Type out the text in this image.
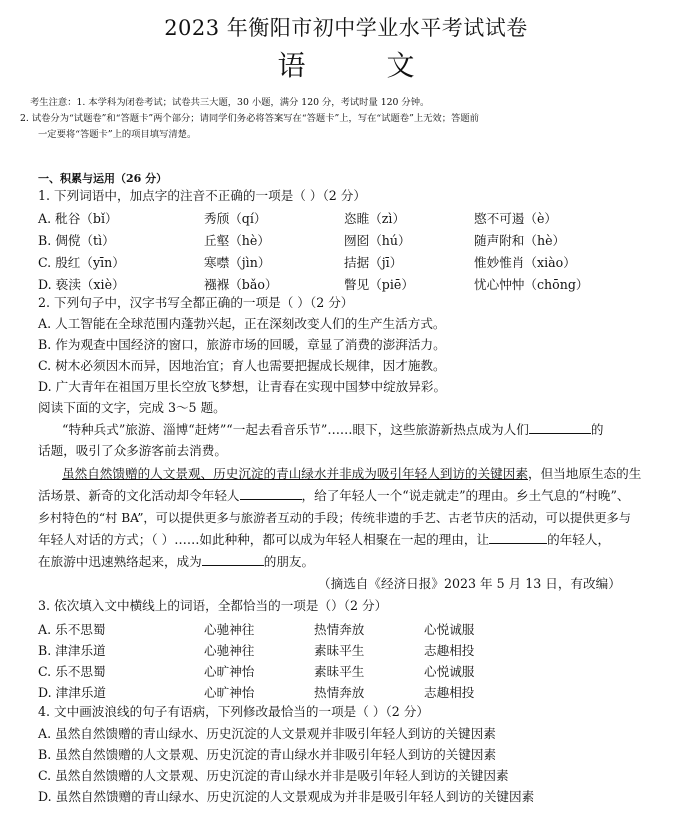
2023 年衡阳市初中学业水平考试试卷
语 文
考生注意：1. 本学科为闭卷考试；试卷共三大题，30 小题，满分 120 分，考试时量 120 分钟。
2. 试卷分为“试题卷”和“答题卡”两个部分；请同学们务必将答案写在“答题卡”上，写在“试题卷”上无效；答题前
一定要将“答题卡”上的项目填写清楚。
一、积累与运用（26 分）
1. 下列词语中，加点字的注音不正确的一项是（ ）（2 分）
A. 秕谷（bǐ）	秀颀（qí）	恣睢（zì）	愍不可遏（è）
B. 倜傥（tì）	丘壑（hè）	囫囵（hú）	随声附和（hè）
C. 殷红（yīn）	寒噤（jìn）	拮据（jī）	惟妙惟肖（xiào）
D. 亵渎（xiè）	襁褓（bǎo）	瞥见（piē）	忧心忡忡（chōng）
2. 下列句子中，汉字书写全都正确的一项是（ ）（2 分）
A. 人工智能在全球范围内蓬勃兴起，正在深刻改变人们的生产生活方式。
B. 作为观查中国经济的窗口，旅游市场的回暖，章显了消费的澎湃活力。
C. 树木必须因木而异，因地治宜；育人也需要把握成长规律，因才施教。
D. 广大青年在祖国万里长空放飞梦想，让青春在实现中国梦中绽放异彩。
阅读下面的文字，完成 3～5 题。
“特种兵式”旅游、淄博“赶烤”“一起去看音乐节”……眼下，这些旅游新热点成为人们	的
话题，吸引了众多游客前去消费。
虽然自然馈赠的人文景观、历史沉淀的青山绿水并非成为吸引年轻人到访的关键因素，但当地原生态的生
活场景、新奇的文化活动却令年轻人	，给了年轻人一个“说走就走”的理由。乡土气息的“村晚”、
乡村特色的“村 BA”，可以提供更多与旅游者互动的手段；传统非遗的手艺、古老节庆的活动，可以提供更多与
年轻人对话的方式；（ ）……如此种种，都可以成为年轻人相聚在一起的理由，让	的年轻人，
在旅游中迅速熟络起来，成为	的朋友。
（摘选自《经济日报》2023 年 5 月 13 日，有改编）
3. 依次填入文中横线上的词语，全都恰当的一项是（）（2 分）
A. 乐不思蜀	心驰神往	热情奔放	心悦诚服
B. 津津乐道	心驰神往	素昧平生	志趣相投
C. 乐不思蜀	心旷神怡	素昧平生	心悦诚服
D. 津津乐道	心旷神怡	热情奔放	志趣相投
4. 文中画波浪线的句子有语病，下列修改最恰当的一项是（ ）（2 分）
A. 虽然自然馈赠的青山绿水、历史沉淀的人文景观并非吸引年轻人到访的关键因素
B. 虽然自然馈赠的人文景观、历史沉淀的青山绿水并非吸引年轻人到访的关键因素
C. 虽然自然馈赠的人文景观、历史沉淀的青山绿水并非是吸引年轻人到访的关键因素
D. 虽然自然馈赠的青山绿水、历史沉淀的人文景观成为并非是吸引年轻人到访的关键因素
